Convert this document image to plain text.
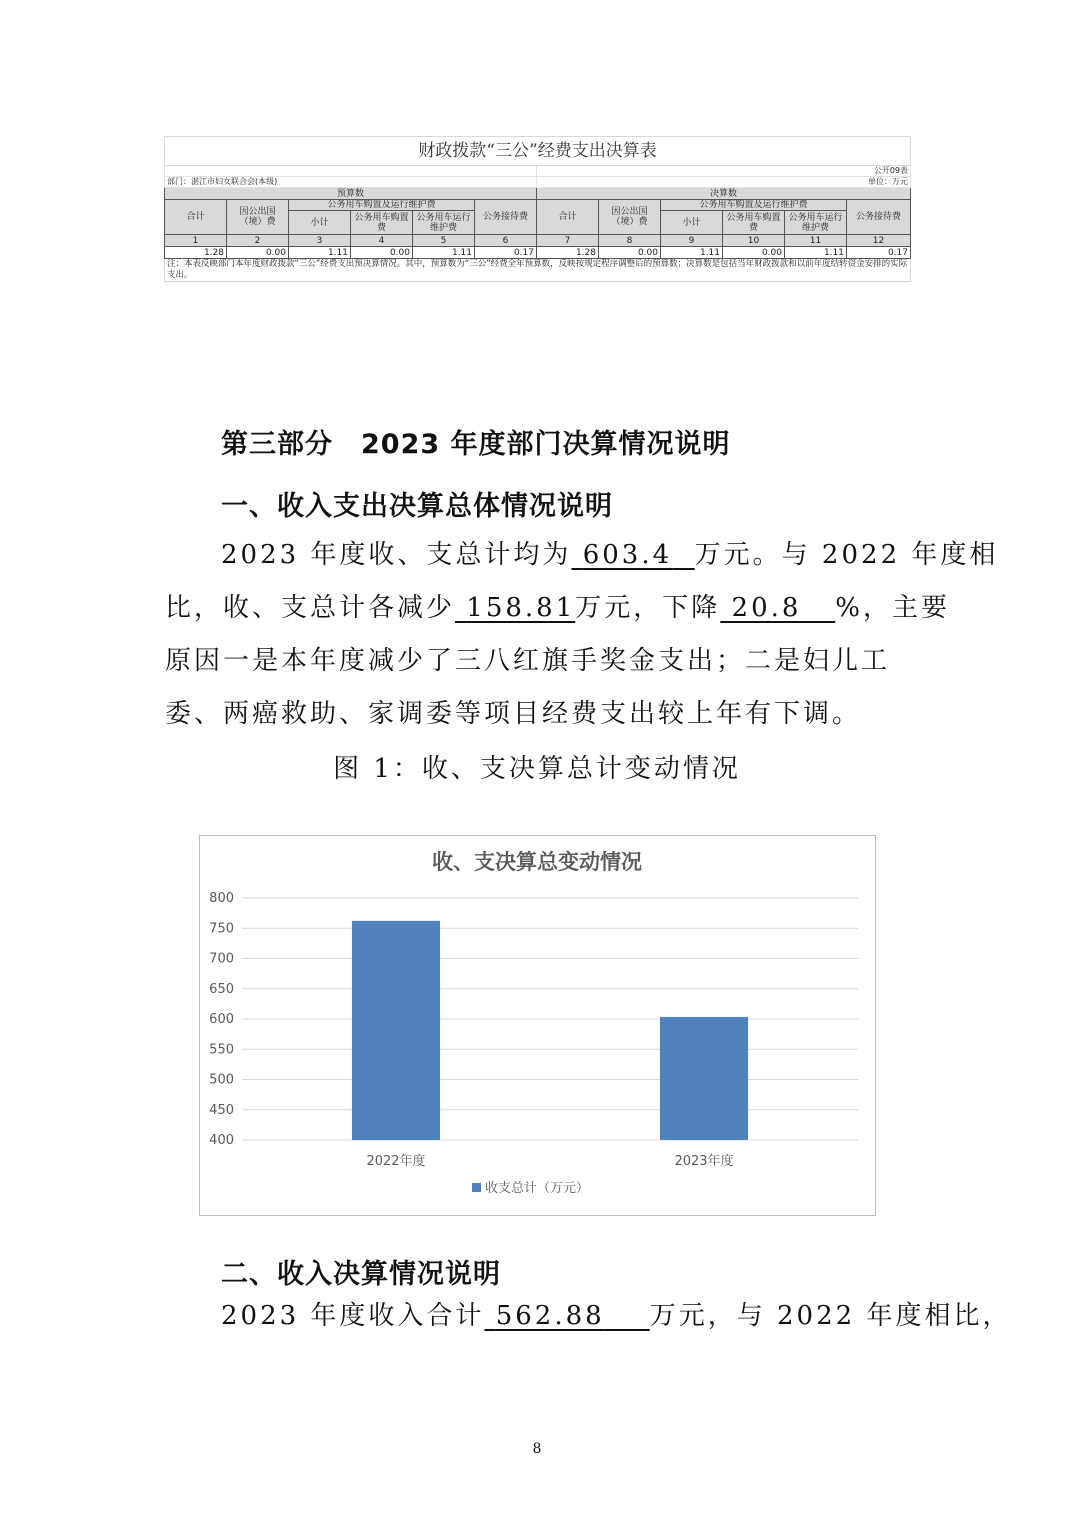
财政拨款“三公”经费支出决算表											
						公开09表					
部门：湛江市妇女联合会(本级)						单位：万元					
预算数						决算数					
合计	因公出国（境）费	公务用车购置及运行维护费			公务接待费	合计	因公出国（境）费	公务用车购置及运行维护费			公务接待费
		小计	公务用车购置费	公务用车运行维护费				小计	公务用车购置费	公务用车运行维护费	
1	2	3	4	5	6	7	8	9	10	11	12
1.28	0.00	1.11	0.00	1.11	0.17	1.28	0.00	1.11	0.00	1.11	0.17
注：本表反映部门本年度财政拨款“三公”经费支出预决算情况。其中，预算数为“三公”经费全年预算数，反映按规定程序调整后的预算数；决算数是包括当年财政拨款和以前年度结转资金安排的实际支出。											
第三部分　2023 年度部门决算情况说明
一、收入支出决算总体情况说明
2023 年度收、支总计均为 603.4 万元。与 2022 年度相
比，收、支总计各减少 158.81万元，下降 20.8 %，主要
原因一是本年度减少了三八红旗手奖金支出；二是妇儿工
委、两癌救助、家调委等项目经费支出较上年有下调。
图 1：收、支决算总计变动情况
收、支决算总变动情况
400
450
500
550
600
650
700
750
800
2022年度	2023年度
收支总计（万元）
二、收入决算情况说明
2023 年度收入合计 562.88 万元，与 2022 年度相比，
8
